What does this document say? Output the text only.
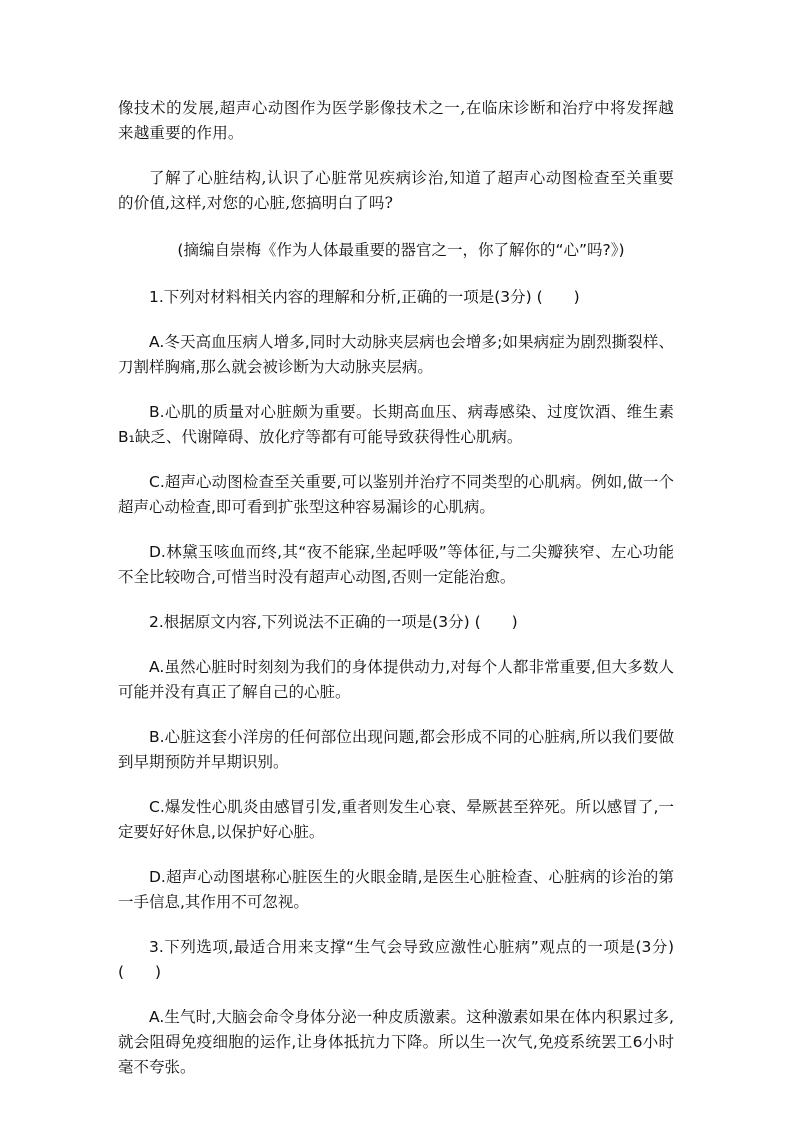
像技术的发展,超声心动图作为医学影像技术之一,在临床诊断和治疗中将发挥越来越重要的作用。

了解了心脏结构,认识了心脏常见疾病诊治,知道了超声心动图检查至关重要的价值,这样,对您的心脏,您搞明白了吗?

(摘编自崇梅《作为人体最重要的器官之一，你了解你的“心”吗?》)

1.下列对材料相关内容的理解和分析,正确的一项是(3分) (　　)

A.冬天高血压病人增多,同时大动脉夹层病也会增多;如果病症为剧烈撕裂样、刀割样胸痛,那么就会被诊断为大动脉夹层病。

B.心肌的质量对心脏颇为重要。长期高血压、病毒感染、过度饮酒、维生素B₁缺乏、代谢障碍、放化疗等都有可能导致获得性心肌病。

C.超声心动图检查至关重要,可以鉴别并治疗不同类型的心肌病。例如,做一个超声心动检查,即可看到扩张型这种容易漏诊的心肌病。

D.林黛玉咳血而终,其“夜不能寐,坐起呼吸”等体征,与二尖瓣狭窄、左心功能不全比较吻合,可惜当时没有超声心动图,否则一定能治愈。

2.根据原文内容,下列说法不正确的一项是(3分) (　　)

A.虽然心脏时时刻刻为我们的身体提供动力,对每个人都非常重要,但大多数人可能并没有真正了解自己的心脏。

B.心脏这套小洋房的任何部位出现问题,都会形成不同的心脏病,所以我们要做到早期预防并早期识别。

C.爆发性心肌炎由感冒引发,重者则发生心衰、晕厥甚至猝死。所以感冒了,一定要好好休息,以保护好心脏。

D.超声心动图堪称心脏医生的火眼金睛,是医生心脏检查、心脏病的诊治的第一手信息,其作用不可忽视。

3.下列选项,最适合用来支撑“生气会导致应激性心脏病”观点的一项是(3分) (　　)

A.生气时,大脑会命令身体分泌一种皮质激素。这种激素如果在体内积累过多,就会阻碍免疫细胞的运作,让身体抵抗力下降。所以生一次气,免疫系统罢工6小时毫不夸张。
